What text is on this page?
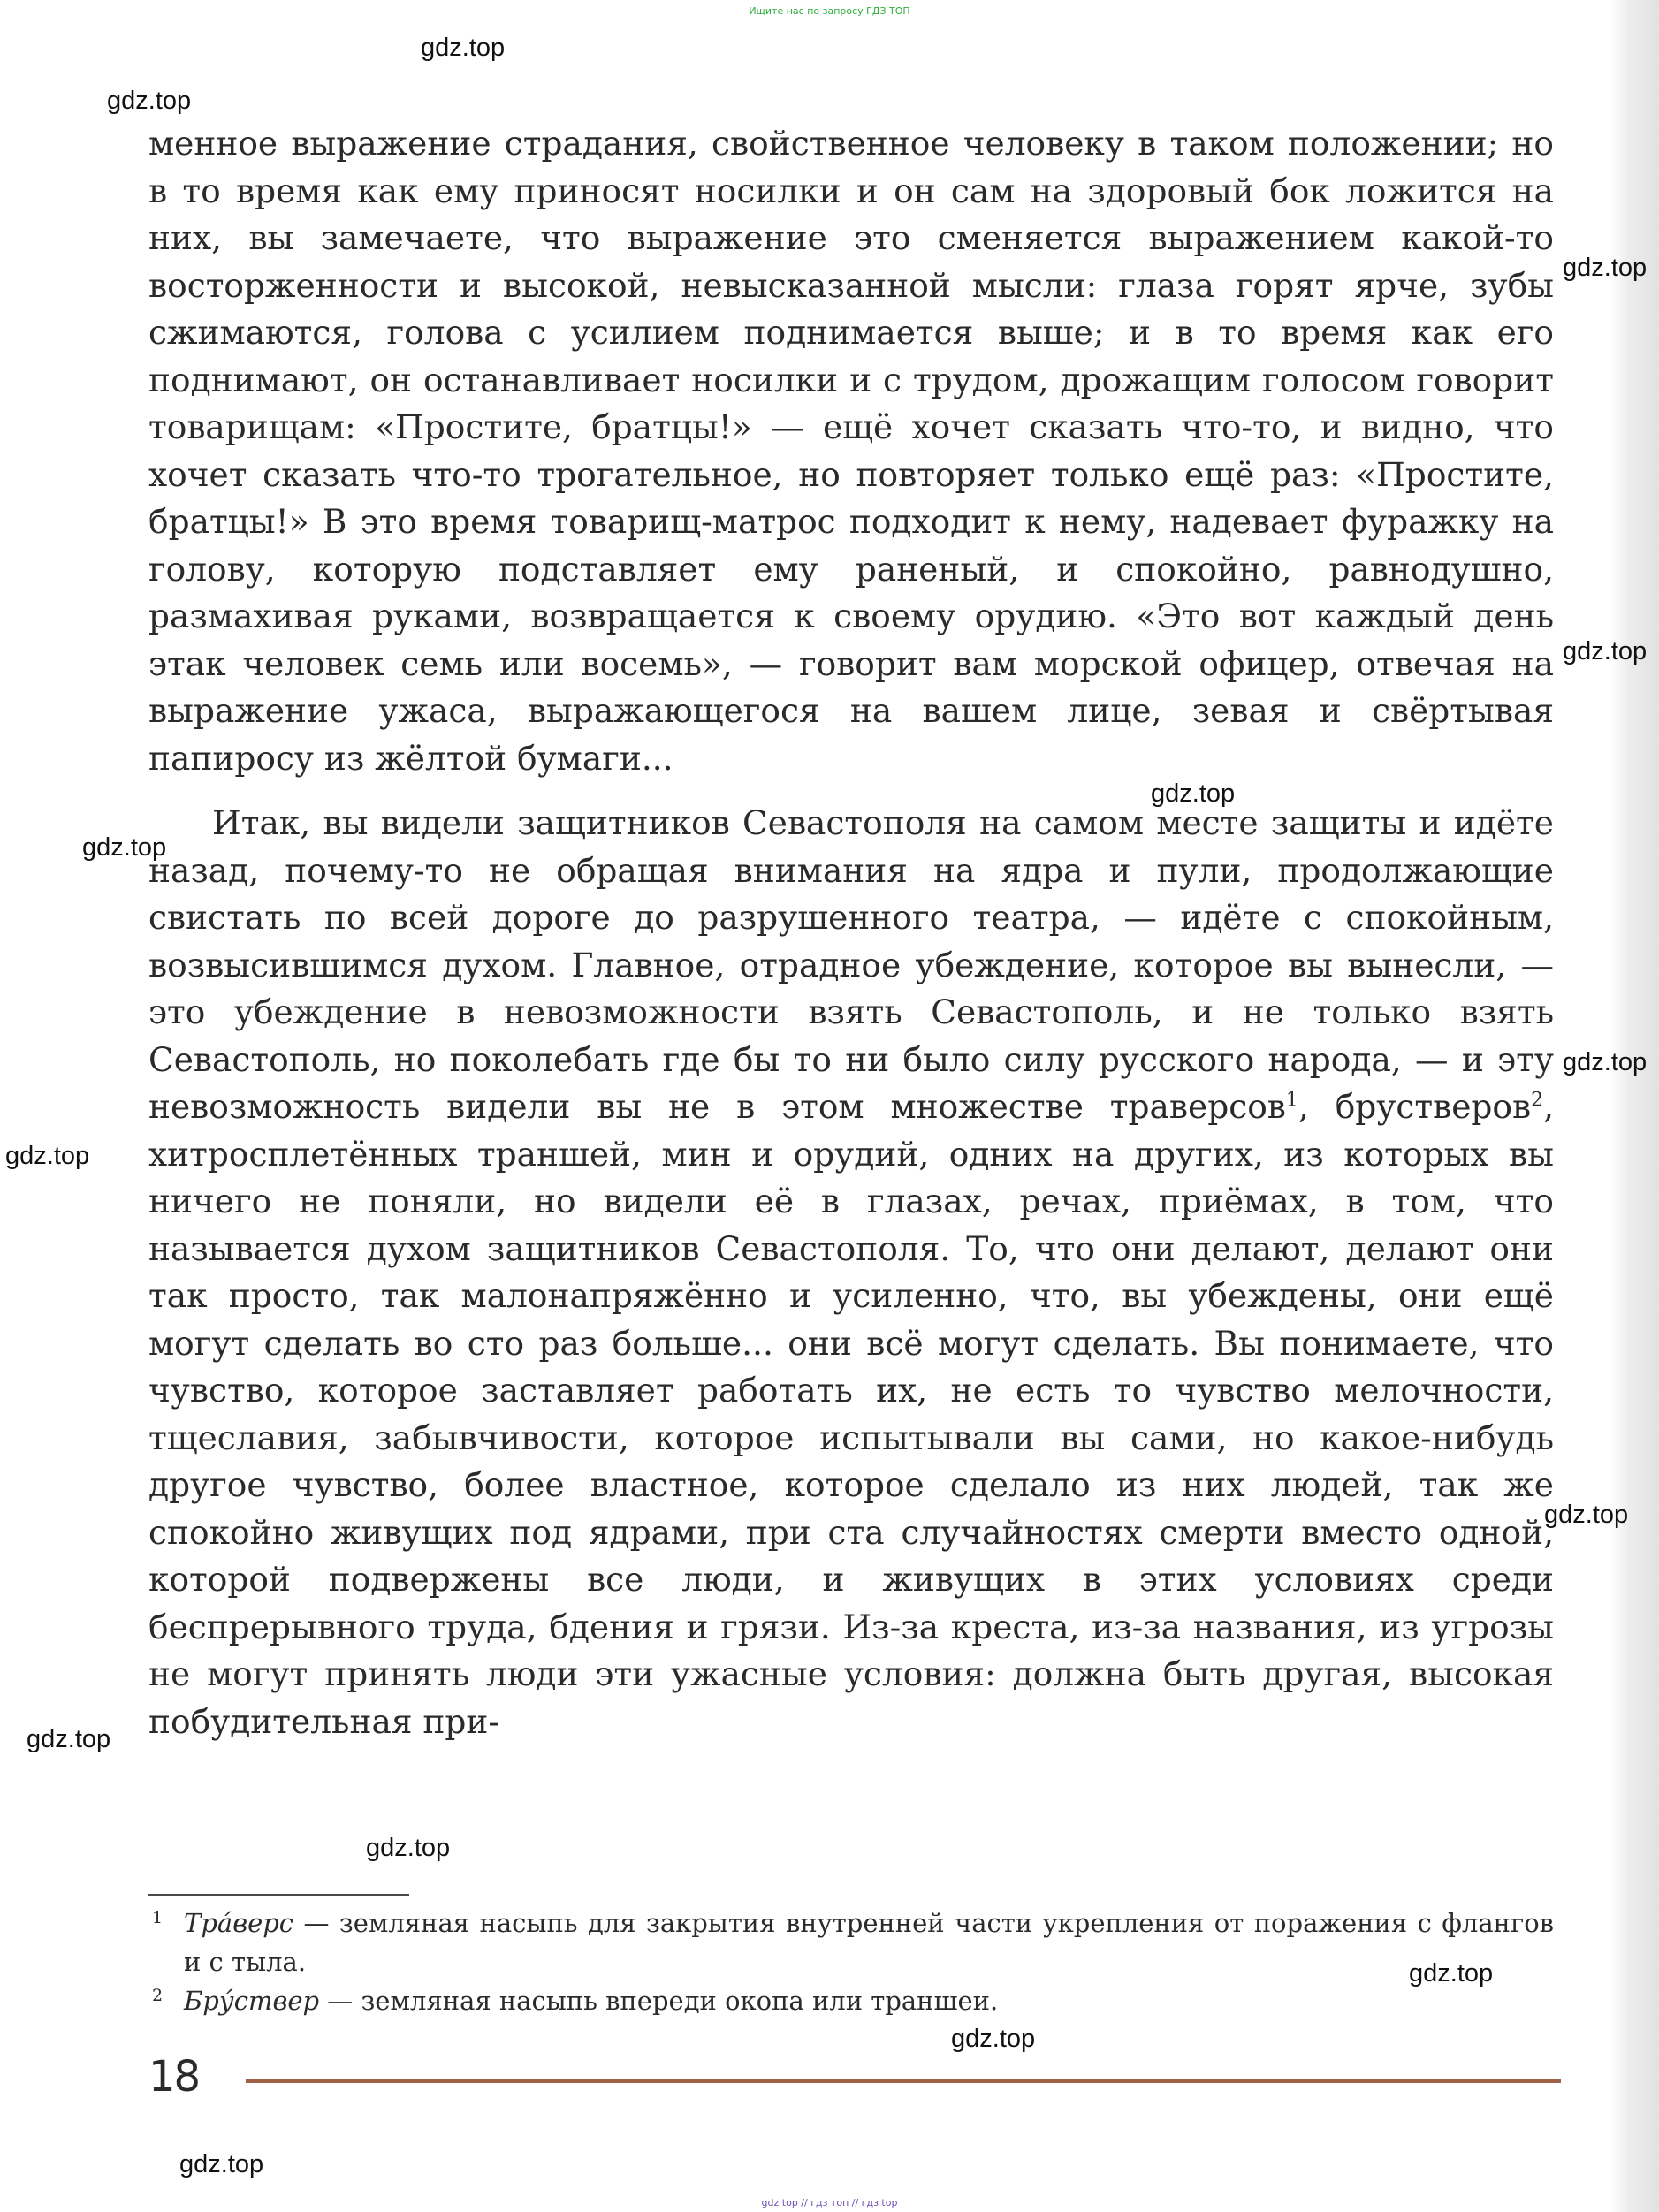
Ищите нас по запросу ГДЗ ТОП

менное выражение страдания, свойственное человеку в таком положении; но в то время как ему приносят носилки и он сам на здоровый бок ложится на них, вы замечаете, что выражение это сменяется выражением какой-то восторженности и высокой, невысказанной мысли: глаза горят ярче, зубы сжимаются, голова с усилием поднимается выше; и в то время как его поднимают, он останавливает носилки и с трудом, дрожащим голосом говорит товарищам: «Простите, братцы!» — ещё хочет сказать что-то, и видно, что хочет сказать что-то трогательное, но повторяет только ещё раз: «Простите, братцы!» В это время товарищ-матрос подходит к нему, надевает фуражку на голову, которую подставляет ему раненый, и спокойно, равнодушно, размахивая руками, возвращается к своему орудию. «Это вот каждый день этак человек семь или восемь», — говорит вам морской офицер, отвечая на выражение ужаса, выражающегося на вашем лице, зевая и свёртывая папиросу из жёлтой бумаги...

Итак, вы видели защитников Севастополя на самом месте защиты и идёте назад, почему-то не обращая внимания на ядра и пули, продолжающие свистать по всей дороге до разрушенного театра, — идёте с спокойным, возвысившимся духом. Главное, отрадное убеждение, которое вы вынесли, — это убеждение в невозможности взять Севастополь, и не только взять Севастополь, но поколебать где бы то ни было силу русского народа, — и эту невозможность видели вы не в этом множестве траверсов$^1$, брустверов$^2$, хитросплетённых траншей, мин и орудий, одних на других, из которых вы ничего не поняли, но видели её в глазах, речах, приёмах, в том, что называется духом защитников Севастополя. То, что они делают, делают они так просто, так малонапряжённо и усиленно, что, вы убеждены, они ещё могут сделать во сто раз больше... они всё могут сделать. Вы понимаете, что чувство, которое заставляет работать их, не есть то чувство мелочности, тщеславия, забывчивости, которое испытывали вы сами, но какое-нибудь другое чувство, более властное, которое сделало из них людей, так же спокойно живущих под ядрами, при ста случайностях смерти вместо одной, которой подвержены все люди, и живущих в этих условиях среди беспрерывного труда, бдения и грязи. Из-за креста, из-за названия, из угрозы не могут принять люди эти ужасные условия: должна быть другая, высокая побудительная при-

1 Тра́верс — земляная насыпь для закрытия внутренней части укрепления от поражения с флангов и с тыла.
2 Бру́ствер — земляная насыпь впереди окопа или траншеи.
18
gdz.top
gdz.top
gdz.top
gdz.top
gdz.top
gdz.top
gdz.top
gdz.top
gdz.top
gdz.top
gdz.top
gdz.top
gdz.top
gdz.top
gdz top // гдз топ // гдз top
